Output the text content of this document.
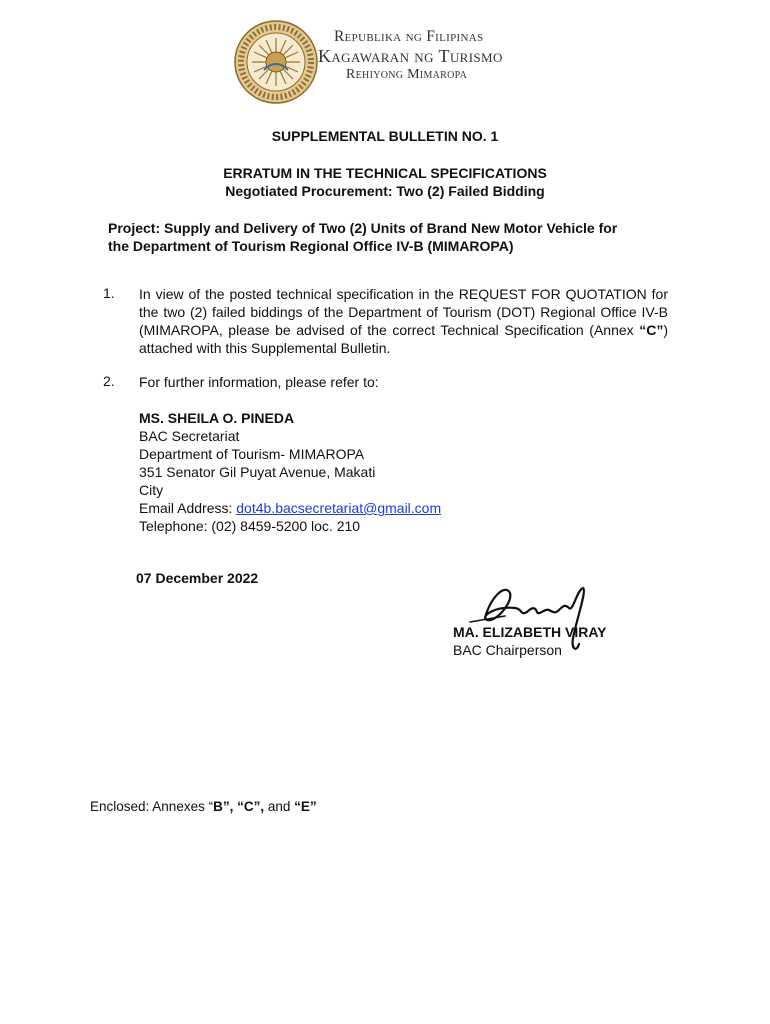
Republika ng Filipinas
Kagawaran ng Turismo
Rehiyong Mimaropa
SUPPLEMENTAL BULLETIN NO. 1
ERRATUM IN THE TECHNICAL SPECIFICATIONS
Negotiated Procurement: Two (2) Failed Bidding
Project: Supply and Delivery of Two (2) Units of Brand New Motor Vehicle for
the Department of Tourism Regional Office IV-B (MIMAROPA)
1. In view of the posted technical specification in the REQUEST FOR QUOTATION for the two (2) failed biddings of the Department of Tourism (DOT) Regional Office IV-B (MIMAROPA, please be advised of the correct Technical Specification (Annex “C”) attached with this Supplemental Bulletin.
2. For further information, please refer to:
MS. SHEILA O. PINEDA
BAC Secretariat
Department of Tourism- MIMAROPA
351 Senator Gil Puyat Avenue, Makati
City
Email Address: dot4b.bacsecretariat@gmail.com
Telephone: (02) 8459-5200 loc. 210
07 December 2022
MA. ELIZABETH VIRAY
BAC Chairperson
Enclosed: Annexes “B”, “C”, and “E”
